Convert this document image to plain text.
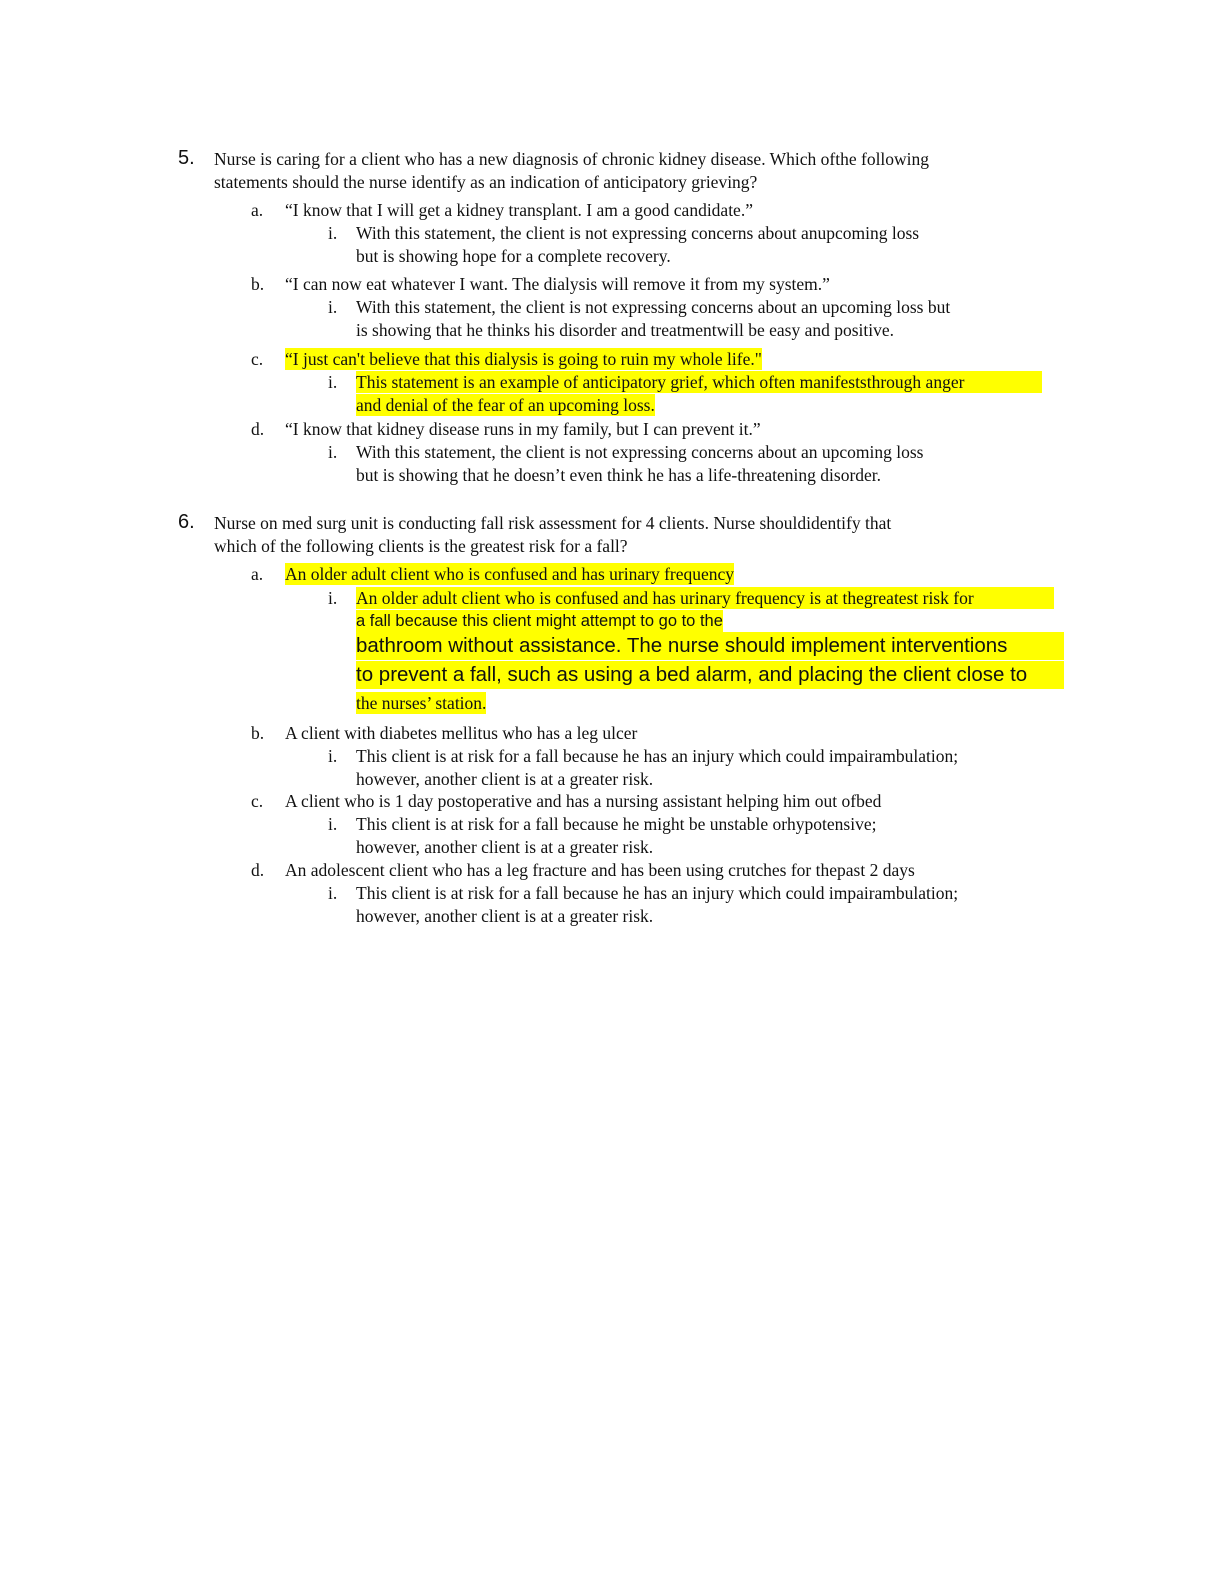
5. Nurse is caring for a client who has a new diagnosis of chronic kidney disease. Which ofthe following
statements should the nurse identify as an indication of anticipatory grieving?
a. “I know that I will get a kidney transplant. I am a good candidate.”
i. With this statement, the client is not expressing concerns about anupcoming loss
but is showing hope for a complete recovery.
b. “I can now eat whatever I want. The dialysis will remove it from my system.”
i. With this statement, the client is not expressing concerns about an upcoming loss but
is showing that he thinks his disorder and treatmentwill be easy and positive.
c. “I just can't believe that this dialysis is going to ruin my whole life."
i. This statement is an example of anticipatory grief, which often manifeststhrough anger
and denial of the fear of an upcoming loss.
d. “I know that kidney disease runs in my family, but I can prevent it.”
i. With this statement, the client is not expressing concerns about an upcoming loss
but is showing that he doesn’t even think he has a life-threatening disorder.
6. Nurse on med surg unit is conducting fall risk assessment for 4 clients. Nurse shouldidentify that
which of the following clients is the greatest risk for a fall?
a. An older adult client who is confused and has urinary frequency
i. An older adult client who is confused and has urinary frequency is at thegreatest risk for
a fall because this client might attempt to go to the
bathroom without assistance. The nurse should implement interventions
to prevent a fall, such as using a bed alarm, and placing the client close to
the nurses’ station.
b. A client with diabetes mellitus who has a leg ulcer
i. This client is at risk for a fall because he has an injury which could impairambulation;
however, another client is at a greater risk.
c. A client who is 1 day postoperative and has a nursing assistant helping him out ofbed
i. This client is at risk for a fall because he might be unstable orhypotensive;
however, another client is at a greater risk.
d. An adolescent client who has a leg fracture and has been using crutches for thepast 2 days
i. This client is at risk for a fall because he has an injury which could impairambulation;
however, another client is at a greater risk.
